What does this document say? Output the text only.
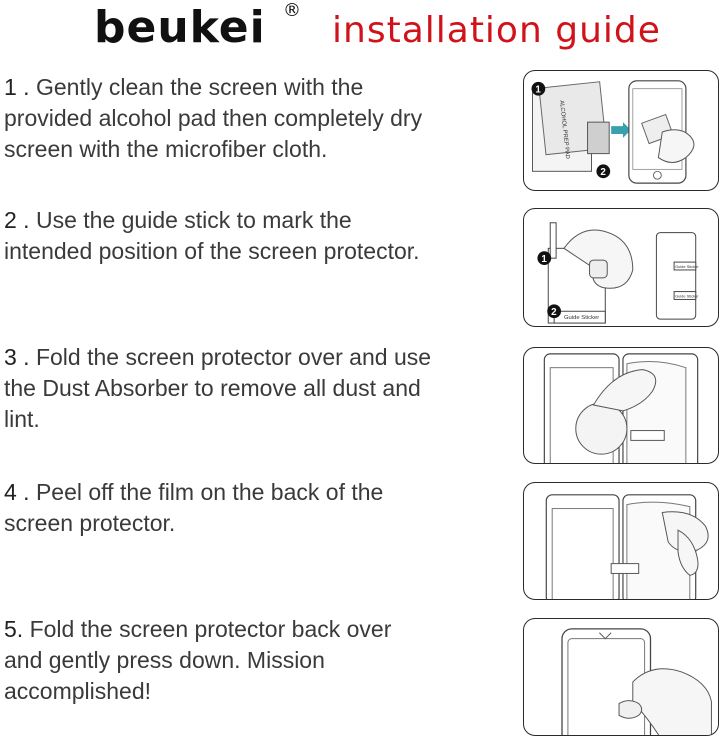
beukei ® installation guide
1 . Gently clean the screen with the
provided alcohol pad then completely dry
screen with the microfiber cloth.
2 . Use the guide stick to mark the
intended position of the screen protector.
3 . Fold the screen protector over and use
the Dust Absorber to remove all dust and
lint.
4 . Peel off the film on the back of the
screen protector.
5. Fold the screen protector back over
and gently press down. Mission
accomplished!
ALCOHOL PREP PAD
1
2
Guide Sticker
Guide Sticker
Guide Sticker
1
2
